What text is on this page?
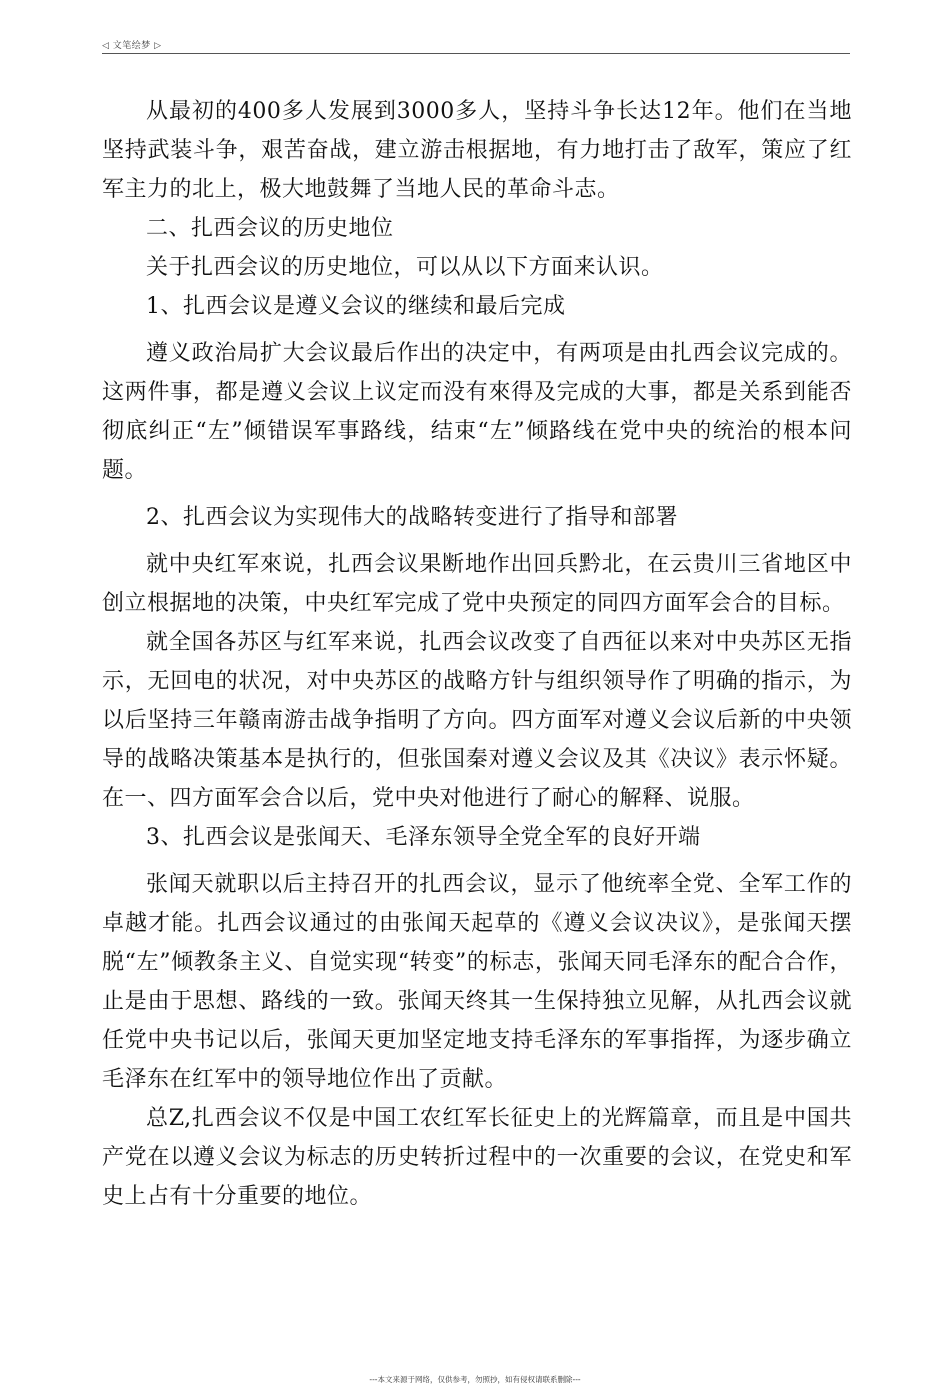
◁ 文笔绘梦 ▷

从最初的400多人发展到3000多人，坚持斗争长达12年。他们在当地坚持武装斗争，艰苦奋战，建立游击根据地，有力地打击了敌军，策应了红军主力的北上，极大地鼓舞了当地人民的革命斗志。

二、扎西会议的历史地位

关于扎西会议的历史地位，可以从以下方面来认识。

1、扎西会议是遵义会议的继续和最后完成

遵义政治局扩大会议最后作出的决定中，有两项是由扎西会议完成的。这两件事，都是遵义会议上议定而没有來得及完成的大事，都是关系到能否彻底纠正“左”倾错误军事路线，结束“左”倾路线在党中央的统治的根本问题。

2、扎西会议为实现伟大的战略转变进行了指导和部署

就中央红军來说，扎西会议果断地作出回兵黔北，在云贵川三省地区中创立根据地的决策，中央红军完成了党中央预定的同四方面军会合的目标。

就全国各苏区与红军来说，扎西会议改变了自西征以来对中央苏区无指示，无回电的状况，对中央苏区的战略方针与组织领导作了明确的指示，为以后坚持三年赣南游击战争指明了方向。四方面军对遵义会议后新的中央领导的战略决策基本是执行的，但张国秦对遵义会议及其《决议》表示怀疑。在一、四方面军会合以后，党中央对他进行了耐心的解释、说服。

3、扎西会议是张闻天、毛泽东领导全党全军的良好开端

张闻天就职以后主持召开的扎西会议，显示了他统率全党、全军工作的卓越才能。扎西会议通过的由张闻天起草的《遵义会议决议》，是张闻天摆脱“左”倾教条主义、自觉实现“转变”的标志，张闻天同毛泽东的配合合作，止是由于思想、路线的一致。张闻天终其一生保持独立见解，从扎西会议就任党中央书记以后，张闻天更加坚定地支持毛泽东的军事指挥，为逐步确立毛泽东在红军中的领导地位作出了贡献。

总Z,扎西会议不仅是中国工农红军长征史上的光辉篇章，而且是中国共产党在以遵义会议为标志的历史转折过程中的一次重要的会议，在党史和军史上占有十分重要的地位。

---本文来源于网络，仅供参考，勿照抄，如有侵权请联系删除---
